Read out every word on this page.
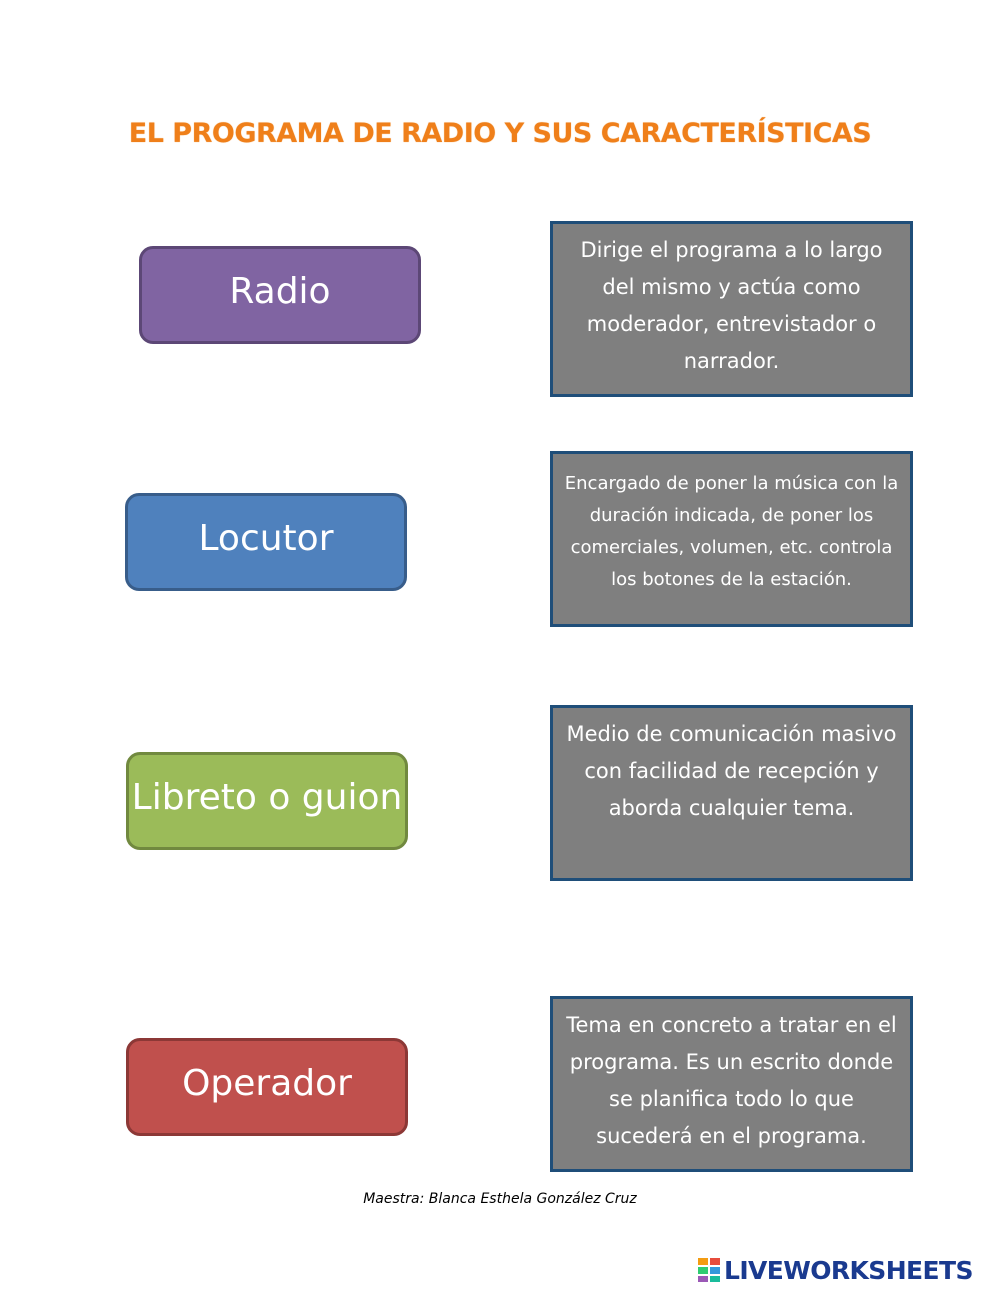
EL PROGRAMA DE RADIO Y SUS CARACTERÍSTICAS
Radio
Locutor
Libreto o guion
Operador
Dirige el programa a lo largo del mismo y actúa como moderador, entrevistador o narrador.
Encargado de poner la música con la duración indicada, de poner los comerciales, volumen, etc. controla los botones de la estación.
Medio de comunicación masivo con facilidad de recepción y aborda cualquier tema.
Tema en concreto a tratar en el programa. Es un escrito donde se planifica todo lo que sucederá en el programa.
Maestra: Blanca Esthela González Cruz
LIVEWORKSHEETS
